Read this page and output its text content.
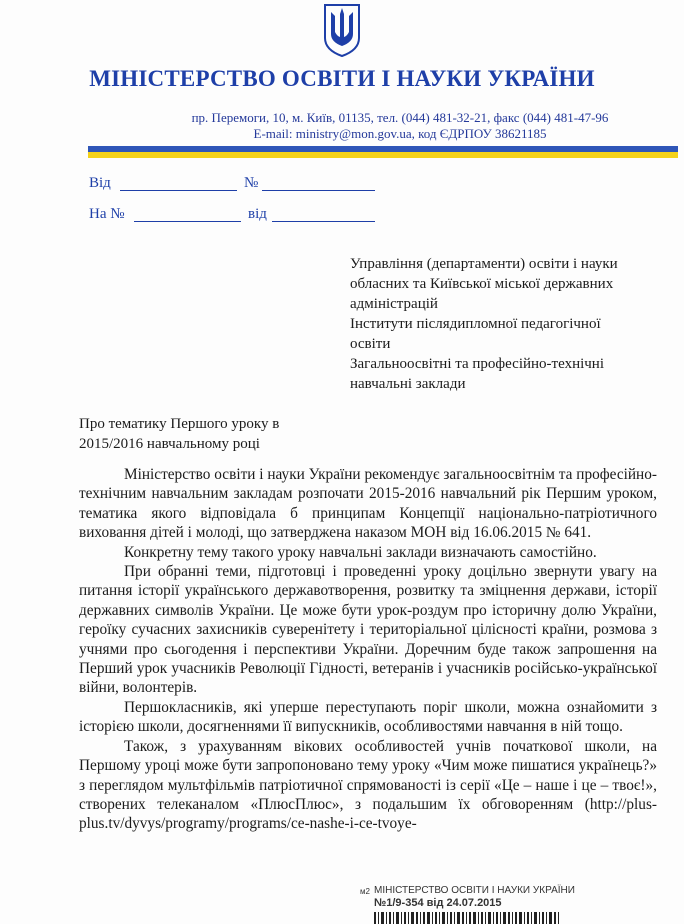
МІНІСТЕРСТВО ОСВІТИ І НАУКИ УКРАЇНИ
пр. Перемоги, 10, м. Київ, 01135, тел. (044) 481-32-21, факс (044) 481-47-96
E-mail: ministry@mon.gov.ua, код ЄДРПОУ 38621185
Від	№
На №	від
Управління (департаменти) освіти і науки
обласних та Київської міської державних
адміністрацій
Інститути післядипломної педагогічної
освіти
Загальноосвітні та професійно-технічні
навчальні заклади
Про тематику Першого уроку в
2015/2016 навчальному році

Міністерство освіти і науки України рекомендує загальноосвітнім та професійно-технічним навчальним закладам розпочати 2015-2016 навчальний рік Першим уроком, тематика якого відповідала б принципам Концепції національно-патріотичного виховання дітей і молоді, що затверджена наказом МОН від 16.06.2015 № 641.

Конкретну тему такого уроку навчальні заклади визначають самостійно.

При обранні теми, підготовці і проведенні уроку доцільно звернути увагу на питання історії українського державотворення, розвитку та зміцнення держави, історії державних символів України. Це може бути урок-роздум про історичну долю України, героїку сучасних захисників суверенітету і територіальної цілісності країни, розмова з учнями про сьогодення і перспективи України. Доречним буде також запрошення на Перший урок учасників Революції Гідності, ветеранів і учасників російсько-української війни, волонтерів.

Першокласників, які уперше переступають поріг школи, можна ознайомити з історією школи, досягненнями її випускників, особливостями навчання в ній тощо.

Також, з урахуванням вікових особливостей учнів початкової школи, на Першому уроці може бути запропоновано тему уроку «Чим може пишатися українець?» з переглядом мультфільмів патріотичної спрямованості із серії «Це – наше і це – твоє!», створених телеканалом «ПлюсПлюс», з подальшим їх обговоренням (http://plus-plus.tv/dyvys/programy/programs/ce-nashe-i-ce-tvoye-

м2 МІНІСТЕРСТВО ОСВІТИ І НАУКИ УКРАЇНИ
№1/9-354 від 24.07.2015
